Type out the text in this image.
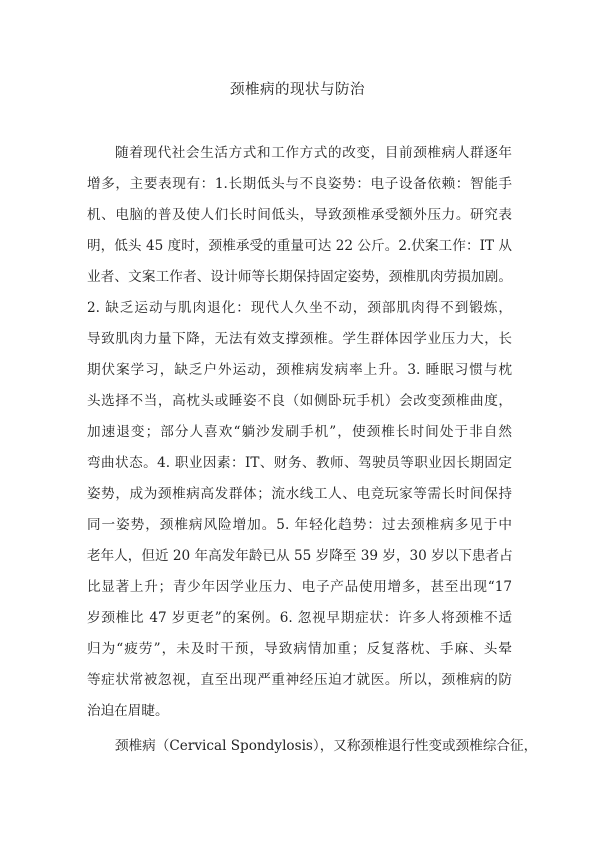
颈椎病的现状与防治
随着现代社会生活方式和工作方式的改变，目前颈椎病人群逐年
增多，主要表现有：1.长期低头与不良姿势：电子设备依赖：智能手
机、电脑的普及使人们长时间低头，导致颈椎承受额外压力。研究表
明，低头 45 度时，颈椎承受的重量可达 22 公斤。2.伏案工作：IT 从
业者、文案工作者、设计师等长期保持固定姿势，颈椎肌肉劳损加剧。
2. 缺乏运动与肌肉退化：现代人久坐不动，颈部肌肉得不到锻炼，
导致肌肉力量下降，无法有效支撑颈椎。学生群体因学业压力大，长
期伏案学习，缺乏户外运动，颈椎病发病率上升。3. 睡眠习惯与枕
头选择不当，高枕头或睡姿不良（如侧卧玩手机）会改变颈椎曲度，
加速退变；部分人喜欢“躺沙发刷手机”，使颈椎长时间处于非自然
弯曲状态。4. 职业因素：IT、财务、教师、驾驶员等职业因长期固定
姿势，成为颈椎病高发群体；流水线工人、电竞玩家等需长时间保持
同一姿势，颈椎病风险增加。5. 年轻化趋势：过去颈椎病多见于中
老年人，但近 20 年高发年龄已从 55 岁降至 39 岁，30 岁以下患者占
比显著上升；青少年因学业压力、电子产品使用增多，甚至出现“17
岁颈椎比 47 岁更老”的案例。6. 忽视早期症状：许多人将颈椎不适
归为“疲劳”，未及时干预，导致病情加重；反复落枕、手麻、头晕
等症状常被忽视，直至出现严重神经压迫才就医。所以，颈椎病的防
治迫在眉睫。
颈椎病（Cervical Spondylosis），又称颈椎退行性变或颈椎综合征，
